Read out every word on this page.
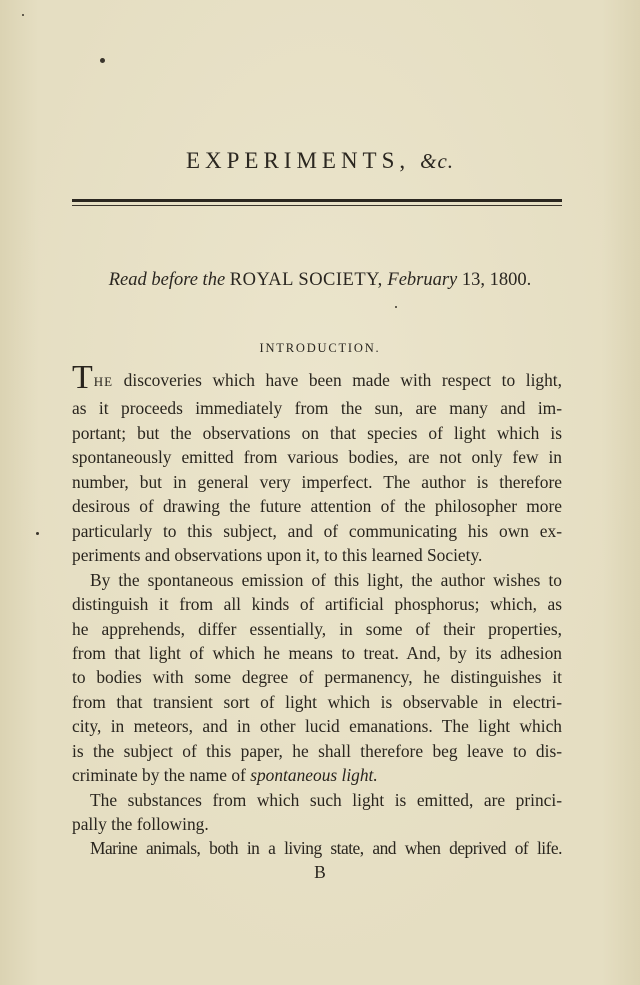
EXPERIMENTS, &c.
Read before the ROYAL SOCIETY, February 13, 1800.
INTRODUCTION.
THE discoveries which have been made with respect to light,
as it proceeds immediately from the sun, are many and im-
portant; but the observations on that species of light which is
spontaneously emitted from various bodies, are not only few in
number, but in general very imperfect. The author is therefore
desirous of drawing the future attention of the philosopher more
particularly to this subject, and of communicating his own ex-
periments and observations upon it, to this learned Society.
By the spontaneous emission of this light, the author wishes to
distinguish it from all kinds of artificial phosphorus; which, as
he apprehends, differ essentially, in some of their properties,
from that light of which he means to treat. And, by its adhesion
to bodies with some degree of permanency, he distinguishes it
from that transient sort of light which is observable in electri-
city, in meteors, and in other lucid emanations. The light which
is the subject of this paper, he shall therefore beg leave to dis-
criminate by the name of spontaneous light.
The substances from which such light is emitted, are princi-
pally the following.
Marine animals, both in a living state, and when deprived of life.
B
